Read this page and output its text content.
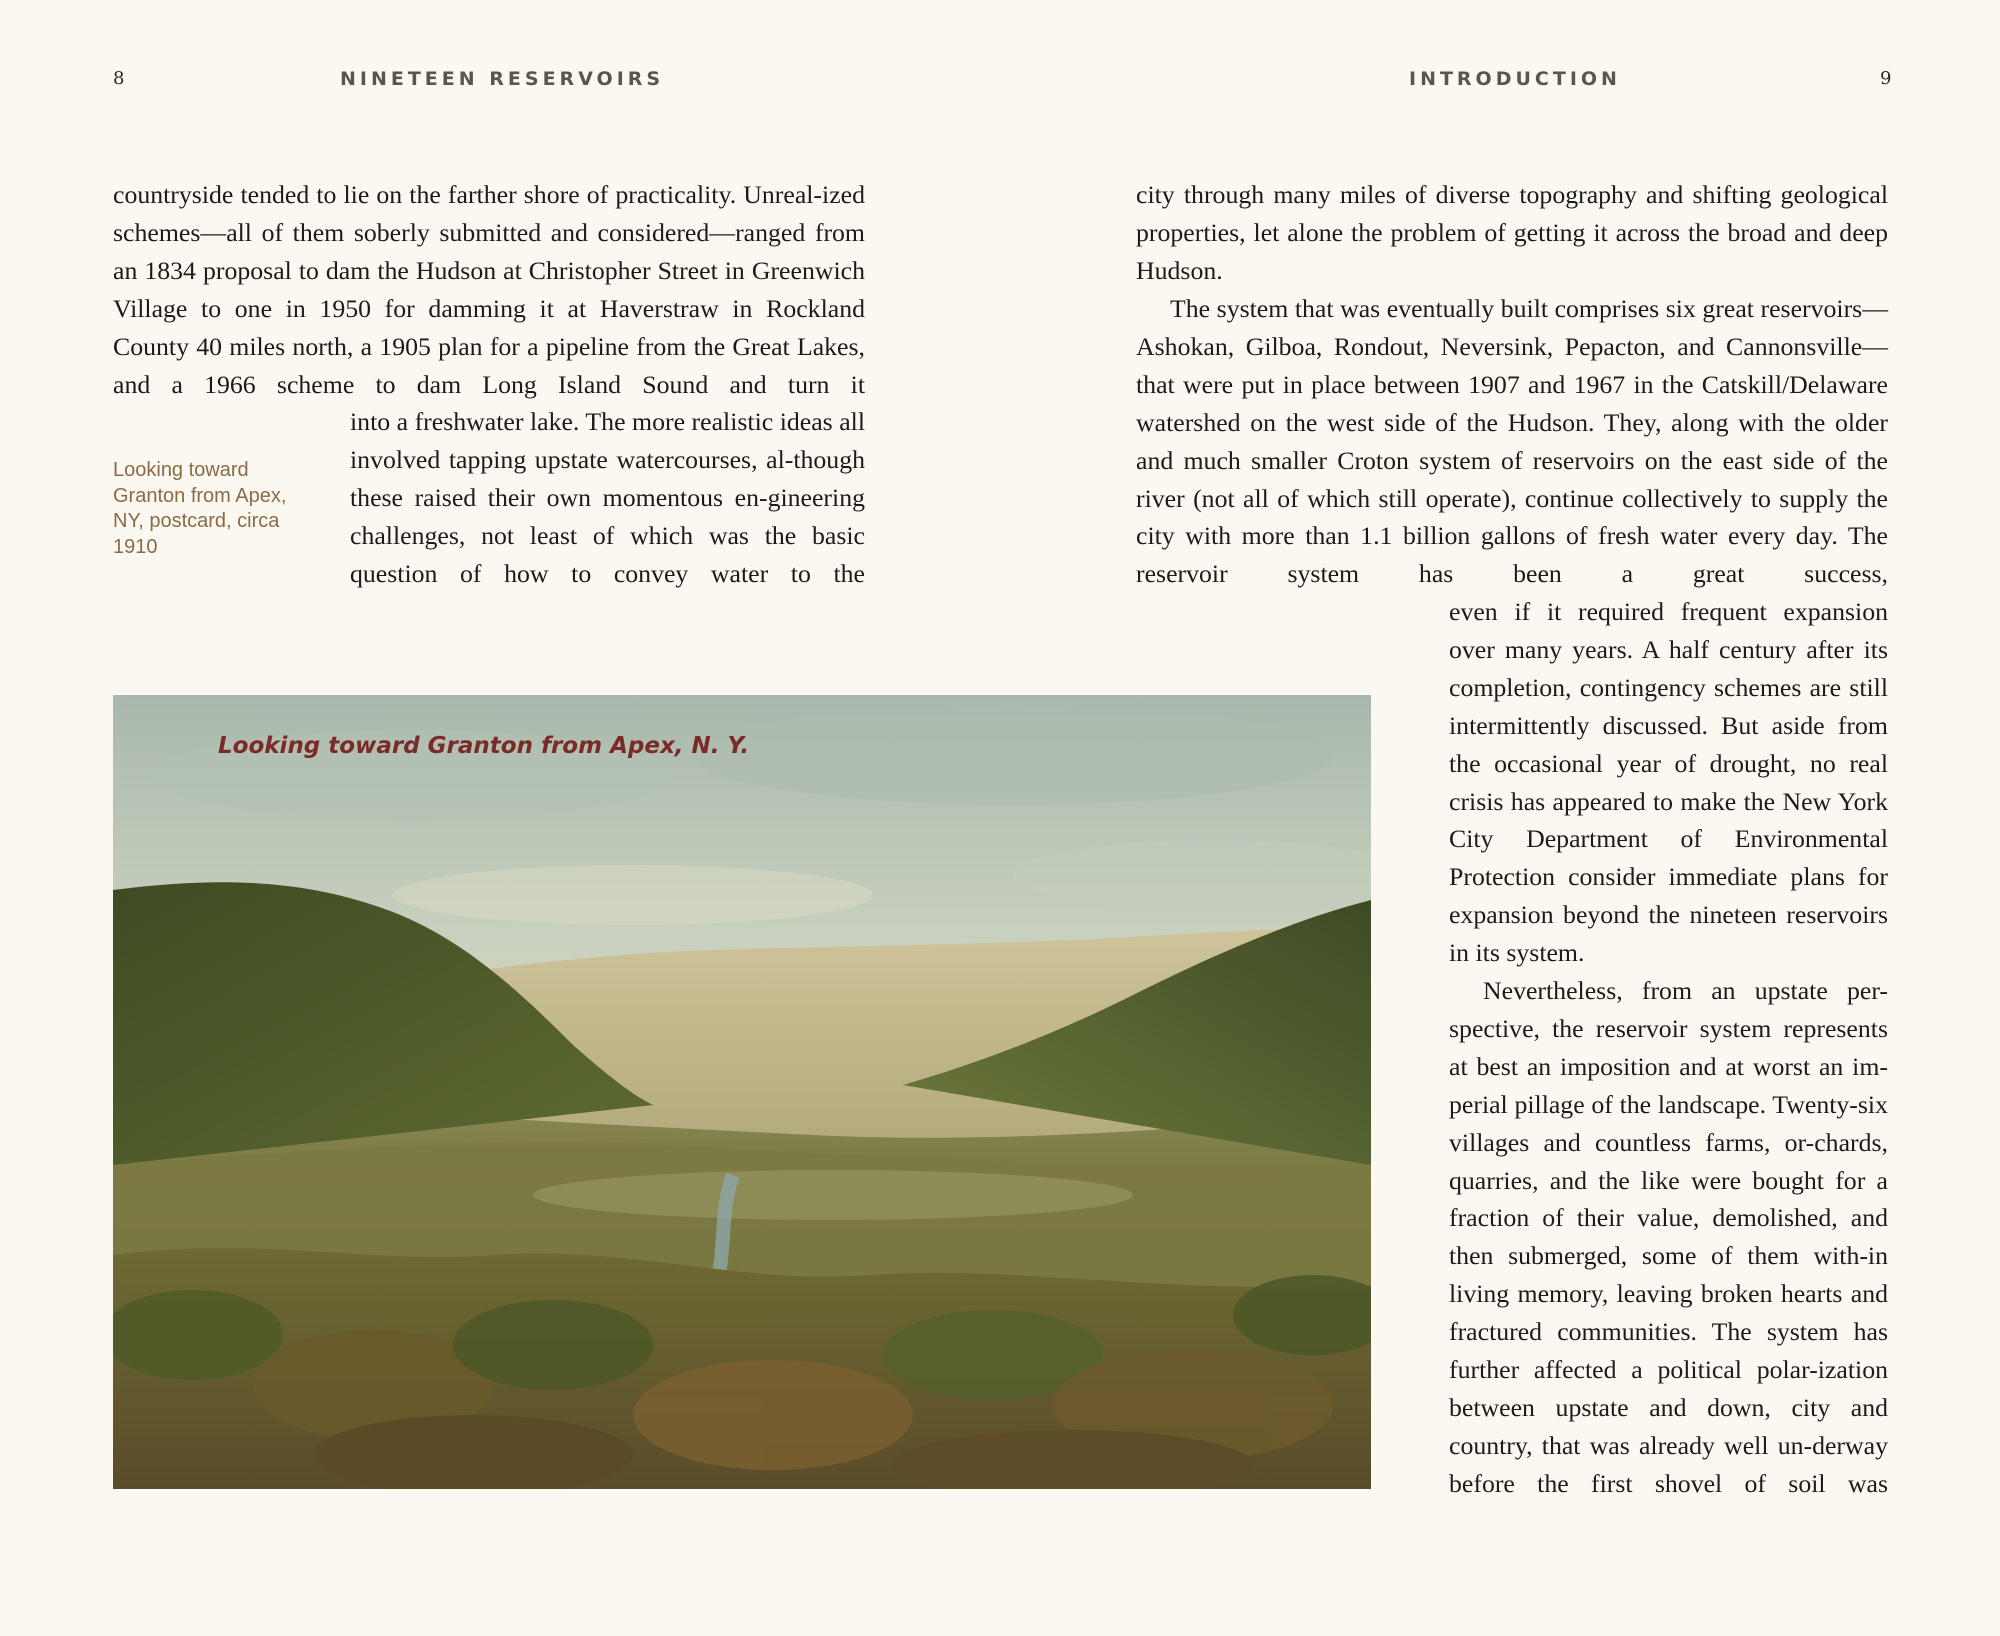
8	NINETEEN RESERVOIRS	INTRODUCTION	9

countryside tended to lie on the farther shore of practicality. Unreal-ized schemes—all of them soberly submitted and considered—ranged from an 1834 proposal to dam the Hudson at Christopher Street in Greenwich Village to one in 1950 for damming it at Haverstraw in Rockland County 40 miles north, a 1905 plan for a pipeline from the Great Lakes, and a 1966 scheme to dam Long Island Sound and turn it

into a freshwater lake. The more realistic ideas all involved tapping upstate watercourses, al-though these raised their own momentous en-gineering challenges, not least of which was the basic question of how to convey water to the

Looking toward Granton from Apex, NY, postcard, circa 1910
Looking toward Granton from Apex, N. Y.

city through many miles of diverse topography and shifting geological properties, let alone the problem of getting it across the broad and deep Hudson.

The system that was eventually built comprises six great reservoirs—Ashokan, Gilboa, Rondout, Neversink, Pepacton, and Cannonsville—that were put in place between 1907 and 1967 in the Catskill/Delaware watershed on the west side of the Hudson. They, along with the older and much smaller Croton system of reservoirs on the east side of the river (not all of which still operate), continue collectively to supply the city with more than 1.1 billion gallons of fresh water every day. The reservoir system has been a great success,

even if it required frequent expansion over many years. A half century after its completion, contingency schemes are still intermittently discussed. But aside from the occasional year of drought, no real crisis has appeared to make the New York City Department of Environmental Protection consider immediate plans for expansion beyond the nineteen reservoirs in its system.

Nevertheless, from an upstate per-spective, the reservoir system represents at best an imposition and at worst an im-perial pillage of the landscape. Twenty-six villages and countless farms, or-chards, quarries, and the like were bought for a fraction of their value, demolished, and then submerged, some of them with-in living memory, leaving broken hearts and fractured communities. The system has further affected a political polar-ization between upstate and down, city and country, that was already well un-derway before the first shovel of soil was
